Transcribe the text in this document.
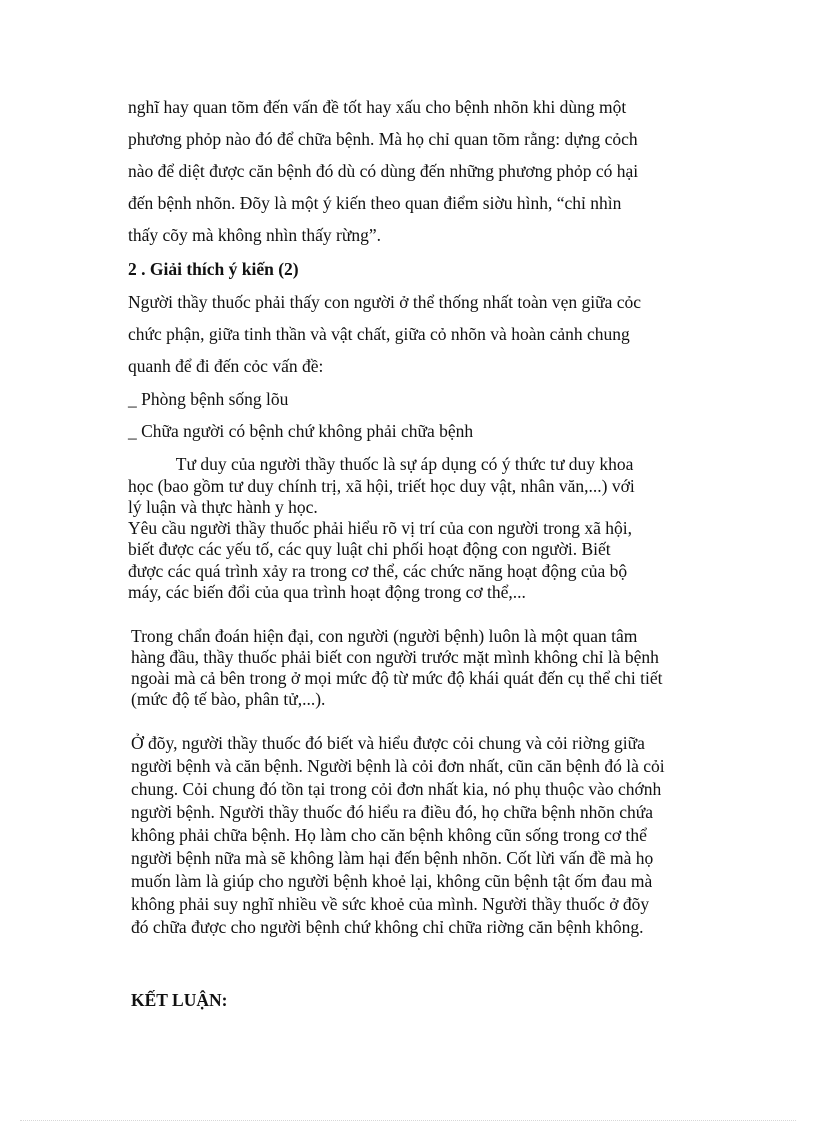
nghĩ hay quan tõm đến vấn đề tốt hay xấu cho bệnh nhõn khi dùng một

phương phỏp nào đó để chữa bệnh. Mà họ chỉ quan tõm rằng: dựng cỏch

nào để diệt được căn bệnh đó dù có dùng đến những phương phỏp có hại

đến bệnh nhõn. Đõy là một ý kiến theo quan điểm siờu hình, “chỉ nhìn

thấy cõy mà không nhìn thấy rừng”.

2 . Giải thích ý kiến (2)

Người thầy thuốc phải thấy con người ở thể thống nhất toàn vẹn giữa cỏc

chức phận, giữa tinh thần và vật chất, giữa cỏ nhõn và hoàn cảnh chung

quanh để đi đến cỏc vấn đề:

_ Phòng bệnh sống lõu

_ Chữa người có bệnh chứ không phải chữa bệnh

Tư duy của người thầy thuốc là sự áp dụng có ý thức tư duy khoa

học (bao gồm tư duy chính trị, xã hội, triết học duy vật, nhân văn,...) với

lý luận và thực hành y học.

Yêu cầu người thầy thuốc phải hiểu rõ vị trí của con người trong xã hội,

biết được các yếu tố, các quy luật chi phối hoạt động con người. Biết

được các quá trình xảy ra trong cơ thể, các chức năng hoạt động của bộ

máy, các biến đổi của qua trình hoạt động trong cơ thể,...

Trong chẩn đoán hiện đại, con người (người bệnh) luôn là một quan tâm

hàng đầu, thầy thuốc phải biết con người trước mặt mình không chỉ là bệnh

ngoài mà cả bên trong ở mọi mức độ từ mức độ khái quát đến cụ thể chi tiết

(mức độ tế bào, phân tử,...).

Ở đõy, người thầy thuốc đó biết và hiểu được cỏi chung và cỏi riờng giữa

người bệnh và căn bệnh. Người bệnh là cỏi đơn nhất, cũn căn bệnh đó là cỏi

chung. Cỏi chung đó tồn tại trong cỏi đơn nhất kia, nó phụ thuộc vào chớnh

người bệnh. Người thầy thuốc đó hiểu ra điều đó, họ chữa bệnh nhõn chứa

không phải chữa bệnh. Họ làm cho căn bệnh không cũn sống trong cơ thể

người bệnh nữa mà sẽ không làm hại đến bệnh nhõn. Cốt lừi vấn đề mà họ

muốn làm là giúp cho người bệnh khoẻ lại, không cũn bệnh tật ốm đau mà

không phải suy nghĩ nhiều về sức khoẻ của mình. Người thầy thuốc ở đõy

đó chữa được cho người bệnh chứ không chỉ chữa riờng căn bệnh không.

KẾT LUẬN:
